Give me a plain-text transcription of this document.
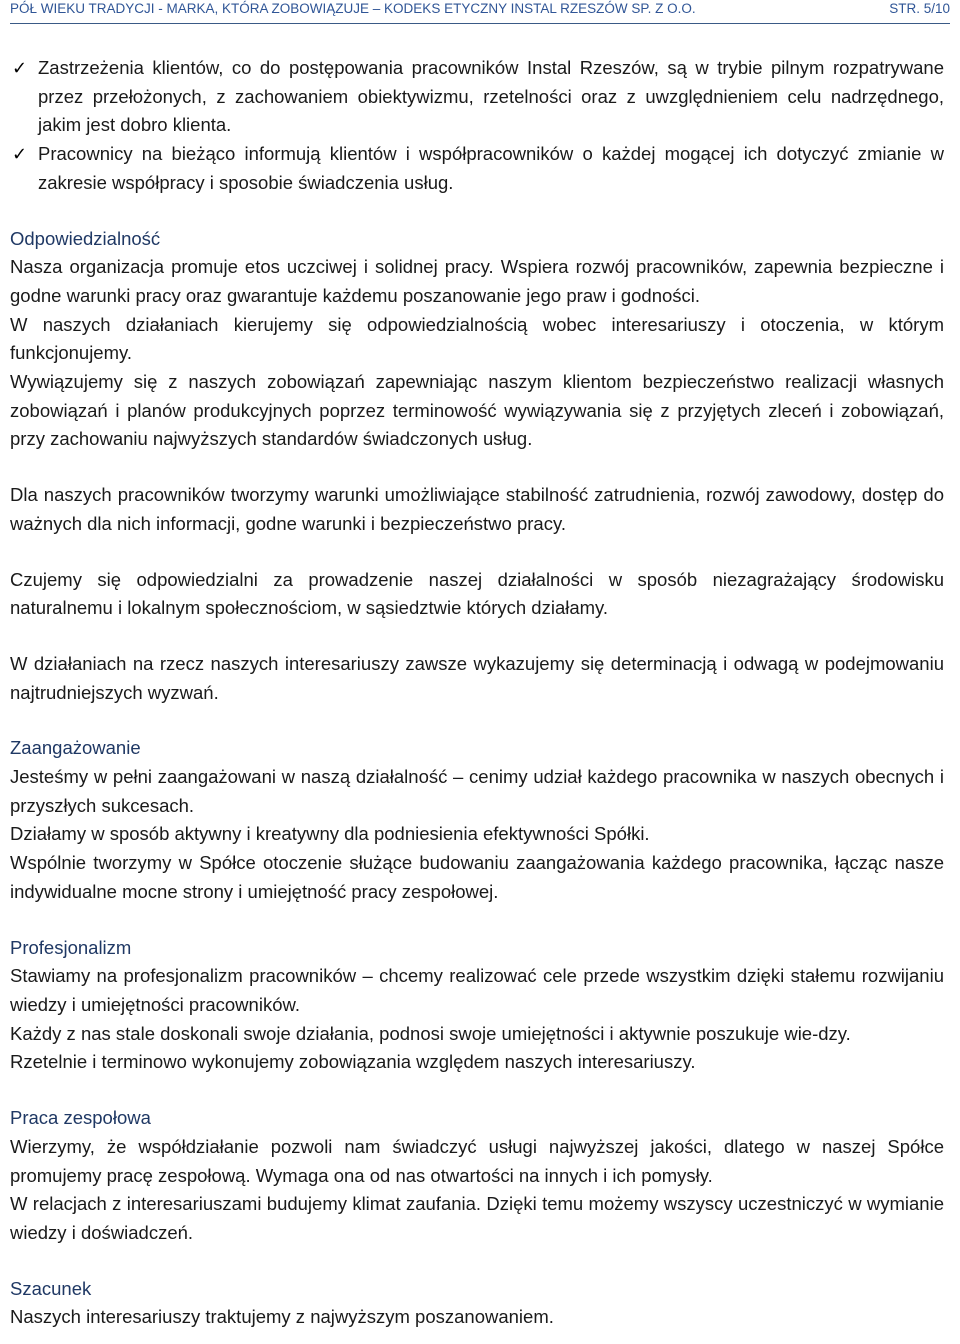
PÓŁ WIEKU TRADYCJI - MARKA, KTÓRA ZOBOWIĄZUJE – KODEKS ETYCZNY INSTAL RZESZÓW SP. Z O.O.	STR. 5/10

✓ Zastrzeżenia klientów, co do postępowania pracowników Instal Rzeszów, są w trybie pilnym rozpatrywane przez przełożonych, z zachowaniem obiektywizmu, rzetelności oraz z uwzględnieniem celu nadrzędnego, jakim jest dobro klienta.

✓ Pracownicy na bieżąco informują klientów i współpracowników o każdej mogącej ich dotyczyć zmianie w zakresie współpracy i sposobie świadczenia usług.

Odpowiedzialność

Nasza organizacja promuje etos uczciwej i solidnej pracy. Wspiera rozwój pracowników, zapewnia bezpieczne i godne warunki pracy oraz gwarantuje każdemu poszanowanie jego praw i godności.

W naszych działaniach kierujemy się odpowiedzialnością wobec interesariuszy i otoczenia, w którym funkcjonujemy.

Wywiązujemy się z naszych zobowiązań zapewniając naszym klientom bezpieczeństwo realizacji własnych zobowiązań i planów produkcyjnych poprzez terminowość wywiązywania się z przyjętych zleceń i zobowiązań, przy zachowaniu najwyższych standardów świadczonych usług.

Dla naszych pracowników tworzymy warunki umożliwiające stabilność zatrudnienia, rozwój zawodowy, dostęp do ważnych dla nich informacji, godne warunki i bezpieczeństwo pracy.

Czujemy się odpowiedzialni za prowadzenie naszej działalności w sposób niezagrażający środowisku naturalnemu i lokalnym społecznościom, w sąsiedztwie których działamy.

W działaniach na rzecz naszych interesariuszy zawsze wykazujemy się determinacją i odwagą w podejmowaniu najtrudniejszych wyzwań.

Zaangażowanie

Jesteśmy w pełni zaangażowani w naszą działalność – cenimy udział każdego pracownika w naszych obecnych i przyszłych sukcesach.

Działamy w sposób aktywny i kreatywny dla podniesienia efektywności Spółki.

Wspólnie tworzymy w Spółce otoczenie służące budowaniu zaangażowania każdego pracownika, łącząc nasze indywidualne mocne strony i umiejętność pracy zespołowej.

Profesjonalizm

Stawiamy na profesjonalizm pracowników – chcemy realizować cele przede wszystkim dzięki stałemu rozwijaniu wiedzy i umiejętności pracowników.

Każdy z nas stale doskonali swoje działania, podnosi swoje umiejętności i aktywnie poszukuje wie-dzy.

Rzetelnie i terminowo wykonujemy zobowiązania względem naszych interesariuszy.

Praca zespołowa

Wierzymy, że współdziałanie pozwoli nam świadczyć usługi najwyższej jakości, dlatego w naszej Spółce promujemy pracę zespołową. Wymaga ona od nas otwartości na innych i ich pomysły.

W relacjach z interesariuszami budujemy klimat zaufania. Dzięki temu możemy wszyscy uczestniczyć w wymianie wiedzy i doświadczeń.

Szacunek

Naszych interesariuszy traktujemy z najwyższym poszanowaniem.
